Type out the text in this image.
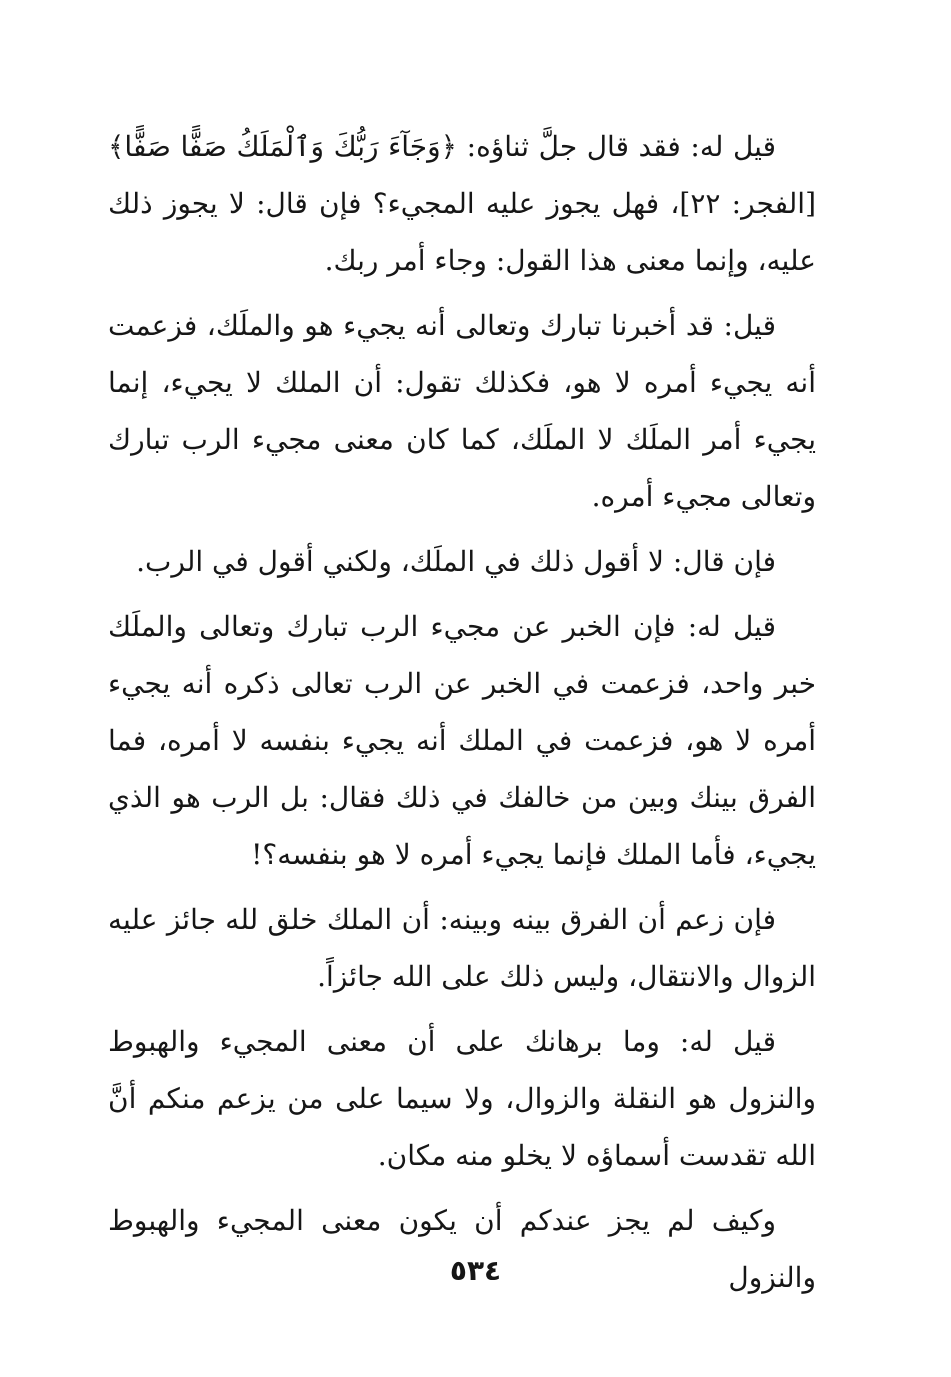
قيل له: فقد قال جلَّ ثناؤه: ﴿وَجَآءَ رَبُّكَ وَٱلْمَلَكُ صَفًّا صَفًّا﴾ [الفجر: ٢٢]، فهل يجوز عليه المجيء؟ فإن قال: لا يجوز ذلك عليه، وإنما معنى هذا القول: وجاء أمر ربك.

قيل: قد أخبرنا تبارك وتعالى أنه يجيء هو والملَك، فزعمت أنه يجيء أمره لا هو، فكذلك تقول: أن الملك لا يجيء، إنما يجيء أمر الملَك لا الملَك، كما كان معنى مجيء الرب تبارك وتعالى مجيء أمره.

فإن قال: لا أقول ذلك في الملَك، ولكني أقول في الرب.

قيل له: فإن الخبر عن مجيء الرب تبارك وتعالى والملَك خبر واحد، فزعمت في الخبر عن الرب تعالى ذكره أنه يجيء أمره لا هو، فزعمت في الملك أنه يجيء بنفسه لا أمره، فما الفرق بينك وبين من خالفك في ذلك فقال: بل الرب هو الذي يجيء، فأما الملك فإنما يجيء أمره لا هو بنفسه؟!

فإن زعم أن الفرق بينه وبينه: أن الملك خلق لله جائز عليه الزوال والانتقال، وليس ذلك على الله جائزاً.

قيل له: وما برهانك على أن معنى المجيء والهبوط والنزول هو النقلة والزوال، ولا سيما على من يزعم منكم أنَّ الله تقدست أسماؤه لا يخلو منه مكان.

وكيف لم يجز عندكم أن يكون معنى المجيء والهبوط والنزول

٥٣٤
